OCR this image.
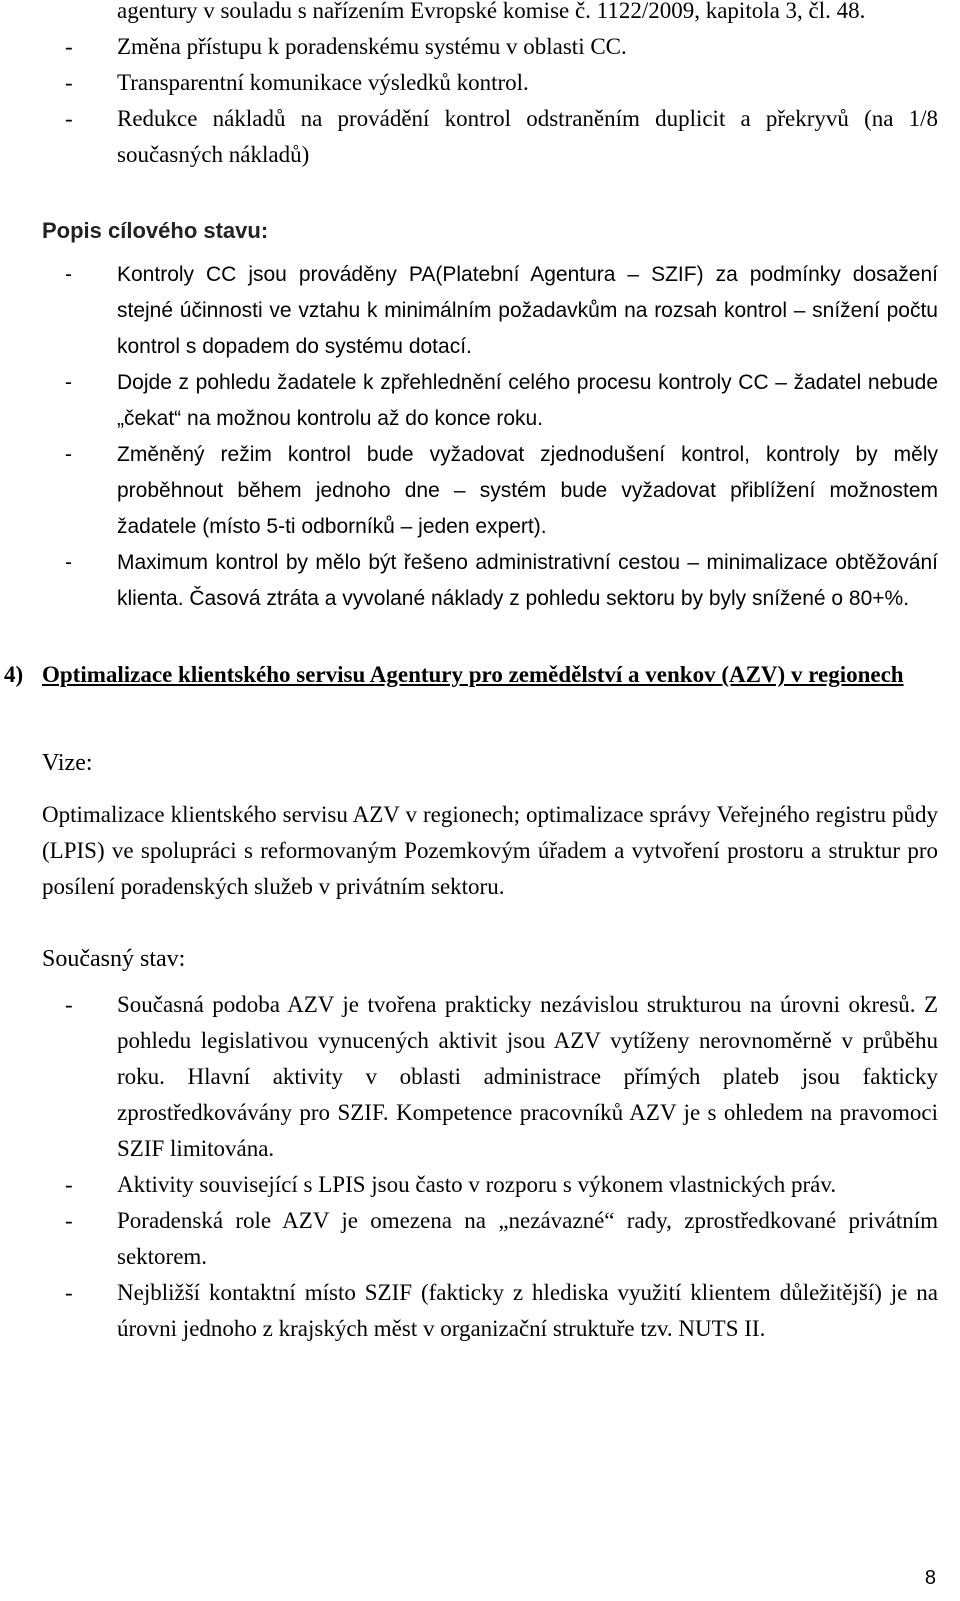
agentury v souladu s nařízením Evropské komise č. 1122/2009, kapitola 3, čl. 48.
- Změna přístupu k poradenskému systému v oblasti CC.
- Transparentní komunikace výsledků kontrol.
- Redukce nákladů na provádění kontrol odstraněním duplicit a překryvů (na 1/8 současných nákladů)
Popis cílového stavu:
- Kontroly CC jsou prováděny PA(Platební Agentura – SZIF) za podmínky dosažení stejné účinnosti ve vztahu k minimálním požadavkům na rozsah kontrol – snížení počtu kontrol s dopadem do systému dotací.
- Dojde z pohledu žadatele k zpřehlednění celého procesu kontroly CC – žadatel nebude „čekat“ na možnou kontrolu až do konce roku.
- Změněný režim kontrol bude vyžadovat zjednodušení kontrol, kontroly by měly proběhnout během jednoho dne – systém bude vyžadovat přiblížení možnostem žadatele (místo 5-ti odborníků – jeden expert).
- Maximum kontrol by mělo být řešeno administrativní cestou – minimalizace obtěžování klienta. Časová ztráta a vyvolané náklady z pohledu sektoru by byly snížené o 80+%.
4) Optimalizace klientského servisu Agentury pro zemědělství a venkov (AZV) v regionech
Vize:
Optimalizace klientského servisu AZV v regionech; optimalizace správy Veřejného registru půdy (LPIS) ve spolupráci s reformovaným Pozemkovým úřadem a vytvoření prostoru a struktur pro posílení poradenských služeb v privátním sektoru.
Současný stav:
- Současná podoba AZV je tvořena prakticky nezávislou strukturou na úrovni okresů. Z pohledu legislativou vynucených aktivit jsou AZV vytíženy nerovnoměrně v průběhu roku. Hlavní aktivity v oblasti administrace přímých plateb jsou fakticky zprostředkovávány pro SZIF. Kompetence pracovníků AZV je s ohledem na pravomoci SZIF limitována.
- Aktivity související s LPIS jsou často v rozporu s výkonem vlastnických práv.
- Poradenská role AZV je omezena na „nezávazné“ rady, zprostředkované privátním sektorem.
- Nejbližší kontaktní místo SZIF (fakticky z hlediska využití klientem důležitější) je na úrovni jednoho z krajských měst v organizační struktuře tzv. NUTS II.
8
